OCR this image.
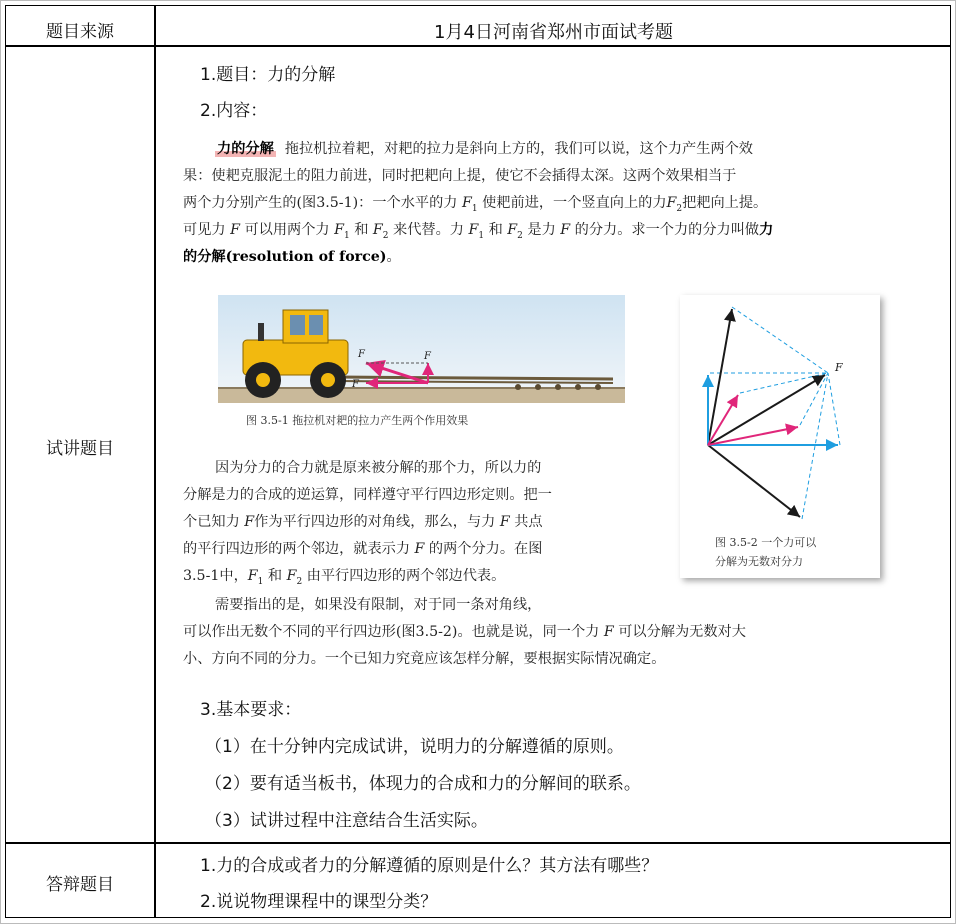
题目来源	1月4日河南省郑州市面试考题
试讲题目
答辩题目
1.题目：力的分解
2.内容：
力的分解 拖拉机拉着耙，对耙的拉力是斜向上方的，我们可以说，这个力产生两个效
果：使耙克服泥土的阻力前进，同时把耙向上提，使它不会插得太深。这两个效果相当于
两个力分别产生的(图3.5-1)：一个水平的力 $F_1$ 使耙前进，一个竖直向上的力$F_2$把耙向上提。
可见力 F 可以用两个力 $F_1$ 和 $F_2$ 来代替。力 $F_1$ 和 $F_2$ 是力 F 的分力。求一个力的分力叫做力
的分解(resolution of force)。
F	F
F
图 3.5-1 拖拉机对耙的拉力产生两个作用效果
F
图 3.5-2 一个力可以
分解为无数对分力
因为分力的合力就是原来被分解的那个力，所以力的
分解是力的合成的逆运算，同样遵守平行四边形定则。把一
个已知力 F作为平行四边形的对角线，那么，与力 F 共点
的平行四边形的两个邻边，就表示力 F 的两个分力。在图
3.5-1中，$F_1$ 和 $F_2$ 由平行四边形的两个邻边代表。
需要指出的是，如果没有限制，对于同一条对角线，
可以作出无数个不同的平行四边形(图3.5-2)。也就是说，同一个力 F 可以分解为无数对大
小、方向不同的分力。一个已知力究竟应该怎样分解，要根据实际情况确定。
3.基本要求：
（1）在十分钟内完成试讲，说明力的分解遵循的原则。
（2）要有适当板书，体现力的合成和力的分解间的联系。
（3）试讲过程中注意结合生活实际。
1.力的合成或者力的分解遵循的原则是什么？其方法有哪些？
2.说说物理课程中的课型分类？
